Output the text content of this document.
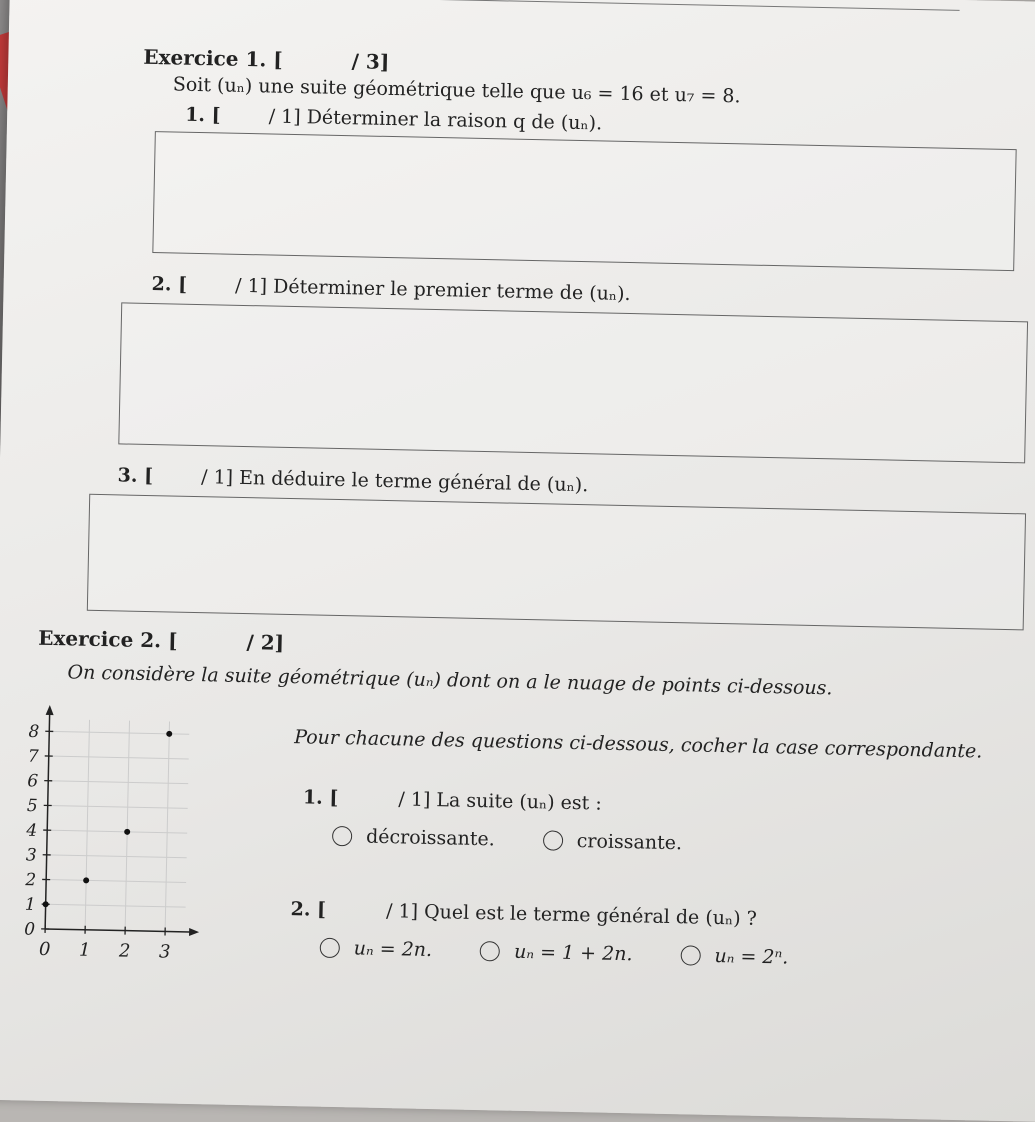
Exercice 1. [	/ 3]
Soit (uₙ) une suite géométrique telle que u₆ = 16 et u₇ = 8.
1. [	/ 1] Déterminer la raison q de (uₙ).
2. [	/ 1] Déterminer le premier terme de (uₙ).
3. [	/ 1] En déduire le terme général de (uₙ).
Exercice 2. [	/ 2]
On considère la suite géométrique (uₙ) dont on a le nuage de points ci-dessous.
0
1
2
3
4
5
6
7
8
0 1 2 3
Pour chacune des questions ci-dessous, cocher la case correspondante.
1. [	/ 1] La suite (uₙ) est :
décroissante.
	croissante.
2. [	/ 1] Quel est le terme général de (uₙ) ?
uₙ = 2n.
	uₙ = 1 + 2n.
	uₙ = 2ⁿ.
